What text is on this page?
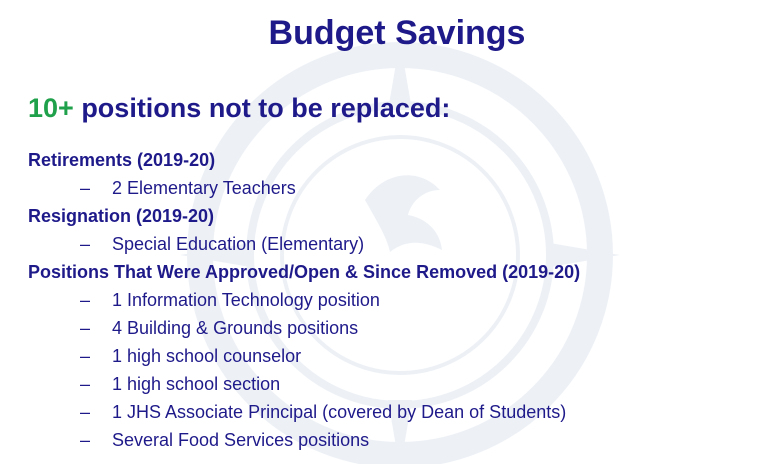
Budget Savings
10+ positions not to be replaced:
Retirements (2019-20)
– 2 Elementary Teachers
Resignation (2019-20)
– Special Education (Elementary)
Positions That Were Approved/Open & Since Removed (2019-20)
– 1 Information Technology position
– 4 Building & Grounds positions
– 1 high school counselor
– 1 high school section
– 1 JHS Associate Principal (covered by Dean of Students)
– Several Food Services positions
